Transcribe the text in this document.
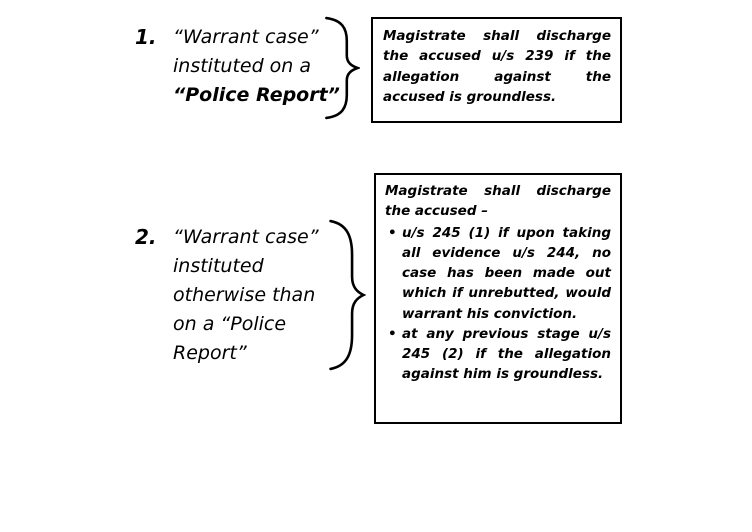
1. “Warrant case”
instituted on a
“Police Report”
Magistrate shall discharge the accused u/s 239 if the allegation against the accused is groundless.
2. “Warrant case”
instituted
otherwise than
on a “Police
Report”
Magistrate shall discharge the accused –
• u/s 245 (1) if upon taking all evidence u/s 244, no case has been made out which if unrebutted, would warrant his conviction.
• at any previous stage u/s 245 (2) if the allegation against him is groundless.
